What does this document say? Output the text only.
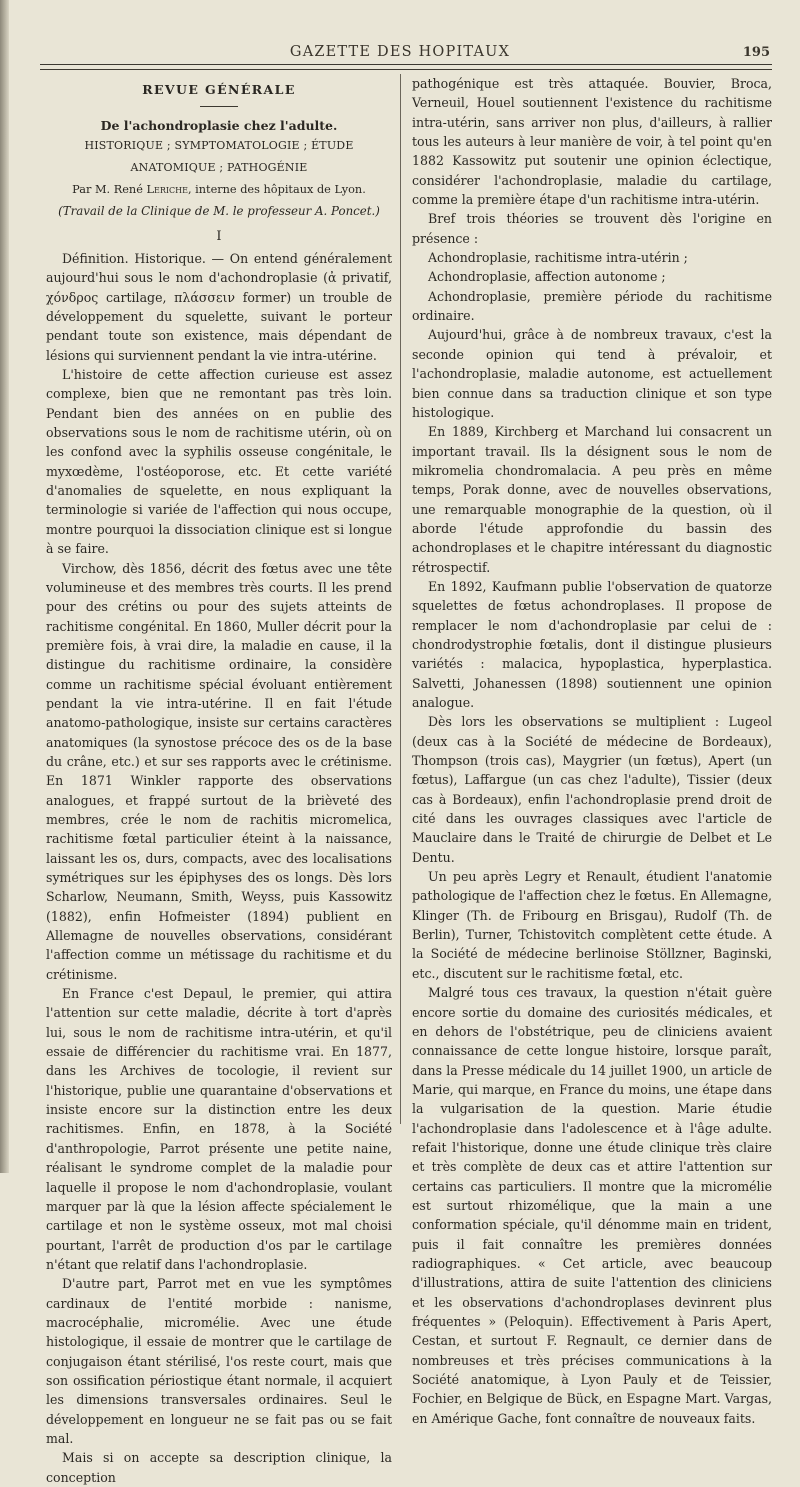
GAZETTE DES HOPITAUX	195
REVUE GÉNÉRALE
De l'achondroplasie chez l'adulte.
HISTORIQUE ; SYMPTOMATOLOGIE ; ÉTUDE ANATOMIQUE ; PATHOGÉNIE
Par M. René Leriche, interne des hôpitaux de Lyon.
(Travail de la Clinique de M. le professeur A. Poncet.)
I

Définition. Historique. — On entend généralement aujourd'hui sous le nom d'achondroplasie (ἀ privatif, χόνδρος cartilage, πλάσσειν former) un trouble de développement du squelette, suivant le porteur pendant toute son existence, mais dépendant de lésions qui surviennent pendant la vie intra-utérine.

L'histoire de cette affection curieuse est assez complexe, bien que ne remontant pas très loin. Pendant bien des années on en publie des observations sous le nom de rachitisme utérin, où on les confond avec la syphilis osseuse congénitale, le myxœdème, l'ostéoporose, etc. Et cette variété d'anomalies de squelette, en nous expliquant la terminologie si variée de l'affection qui nous occupe, montre pourquoi la dissociation clinique est si longue à se faire.

Virchow, dès 1856, décrit des fœtus avec une tête volumineuse et des membres très courts. Il les prend pour des crétins ou pour des sujets atteints de rachitisme congénital. En 1860, Muller décrit pour la première fois, à vrai dire, la maladie en cause, il la distingue du rachitisme ordinaire, la considère comme un rachitisme spécial évoluant entièrement pendant la vie intra-utérine. Il en fait l'étude anatomo-pathologique, insiste sur certains caractères anatomiques (la synostose précoce des os de la base du crâne, etc.) et sur ses rapports avec le crétinisme. En 1871 Winkler rapporte des observations analogues, et frappé surtout de la brièveté des membres, crée le nom de rachitis micromelica, rachitisme fœtal particulier éteint à la naissance, laissant les os, durs, compacts, avec des localisations symétriques sur les épiphyses des os longs. Dès lors Scharlow, Neumann, Smith, Weyss, puis Kassowitz (1882), enfin Hofmeister (1894) publient en Allemagne de nouvelles observations, considérant l'affection comme un métissage du rachitisme et du crétinisme.

En France c'est Depaul, le premier, qui attira l'attention sur cette maladie, décrite à tort d'après lui, sous le nom de rachitisme intra-utérin, et qu'il essaie de différencier du rachitisme vrai. En 1877, dans les Archives de tocologie, il revient sur l'historique, publie une quarantaine d'observations et insiste encore sur la distinction entre les deux rachitismes. Enfin, en 1878, à la Société d'anthropologie, Parrot présente une petite naine, réalisant le syndrome complet de la maladie pour laquelle il propose le nom d'achondroplasie, voulant marquer par là que la lésion affecte spécialement le cartilage et non le système osseux, mot mal choisi pourtant, l'arrêt de production d'os par le cartilage n'étant que relatif dans l'achondroplasie.

D'autre part, Parrot met en vue les symptômes cardinaux de l'entité morbide : nanisme, macrocéphalie, micromélie. Avec une étude histologique, il essaie de montrer que le cartilage de conjugaison étant stérilisé, l'os reste court, mais que son ossification périostique étant normale, il acquiert les dimensions transversales ordinaires. Seul le développement en longueur ne se fait pas ou se fait mal.

Mais si on accepte sa description clinique, la conception

pathogénique est très attaquée. Bouvier, Broca, Verneuil, Houel soutiennent l'existence du rachitisme intra-utérin, sans arriver non plus, d'ailleurs, à rallier tous les auteurs à leur manière de voir, à tel point qu'en 1882 Kassowitz put soutenir une opinion éclectique, considérer l'achondroplasie, maladie du cartilage, comme la première étape d'un rachitisme intra-utérin.

Bref trois théories se trouvent dès l'origine en présence :

Achondroplasie, rachitisme intra-utérin ;

Achondroplasie, affection autonome ;

Achondroplasie, première période du rachitisme ordinaire.

Aujourd'hui, grâce à de nombreux travaux, c'est la seconde opinion qui tend à prévaloir, et l'achondroplasie, maladie autonome, est actuellement bien connue dans sa traduction clinique et son type histologique.

En 1889, Kirchberg et Marchand lui consacrent un important travail. Ils la désignent sous le nom de mikromelia chondromalacia. A peu près en même temps, Porak donne, avec de nouvelles observations, une remarquable monographie de la question, où il aborde l'étude approfondie du bassin des achondroplases et le chapitre intéressant du diagnostic rétrospectif.

En 1892, Kaufmann publie l'observation de quatorze squelettes de fœtus achondroplases. Il propose de remplacer le nom d'achondroplasie par celui de : chondrodystrophie fœtalis, dont il distingue plusieurs variétés : malacica, hypoplastica, hyperplastica. Salvetti, Johanessen (1898) soutiennent une opinion analogue.

Dès lors les observations se multiplient : Lugeol (deux cas à la Société de médecine de Bordeaux), Thompson (trois cas), Maygrier (un fœtus), Apert (un fœtus), Laffargue (un cas chez l'adulte), Tissier (deux cas à Bordeaux), enfin l'achondroplasie prend droit de cité dans les ouvrages classiques avec l'article de Mauclaire dans le Traité de chirurgie de Delbet et Le Dentu.

Un peu après Legry et Renault, étudient l'anatomie pathologique de l'affection chez le fœtus. En Allemagne, Klinger (Th. de Fribourg en Brisgau), Rudolf (Th. de Berlin), Turner, Tchistovitch complètent cette étude. A la Société de médecine berlinoise Stöllzner, Baginski, etc., discutent sur le rachitisme fœtal, etc.

Malgré tous ces travaux, la question n'était guère encore sortie du domaine des curiosités médicales, et en dehors de l'obstétrique, peu de cliniciens avaient connaissance de cette longue histoire, lorsque paraît, dans la Presse médicale du 14 juillet 1900, un article de Marie, qui marque, en France du moins, une étape dans la vulgarisation de la question. Marie étudie l'achondroplasie dans l'adolescence et à l'âge adulte. refait l'historique, donne une étude clinique très claire et très complète de deux cas et attire l'attention sur certains cas particuliers. Il montre que la micromélie est surtout rhizomélique, que la main a une conformation spéciale, qu'il dénomme main en trident, puis il fait connaître les premières données radiographiques. « Cet article, avec beaucoup d'illustrations, attira de suite l'attention des cliniciens et les observations d'achondroplases devinrent plus fréquentes » (Peloquin). Effectivement à Paris Apert, Cestan, et surtout F. Regnault, ce dernier dans de nombreuses et très précises communications à la Société anatomique, à Lyon Pauly et de Teissier, Fochier, en Belgique de Bück, en Espagne Mart. Vargas, en Amérique Gache, font connaître de nouveaux faits.
